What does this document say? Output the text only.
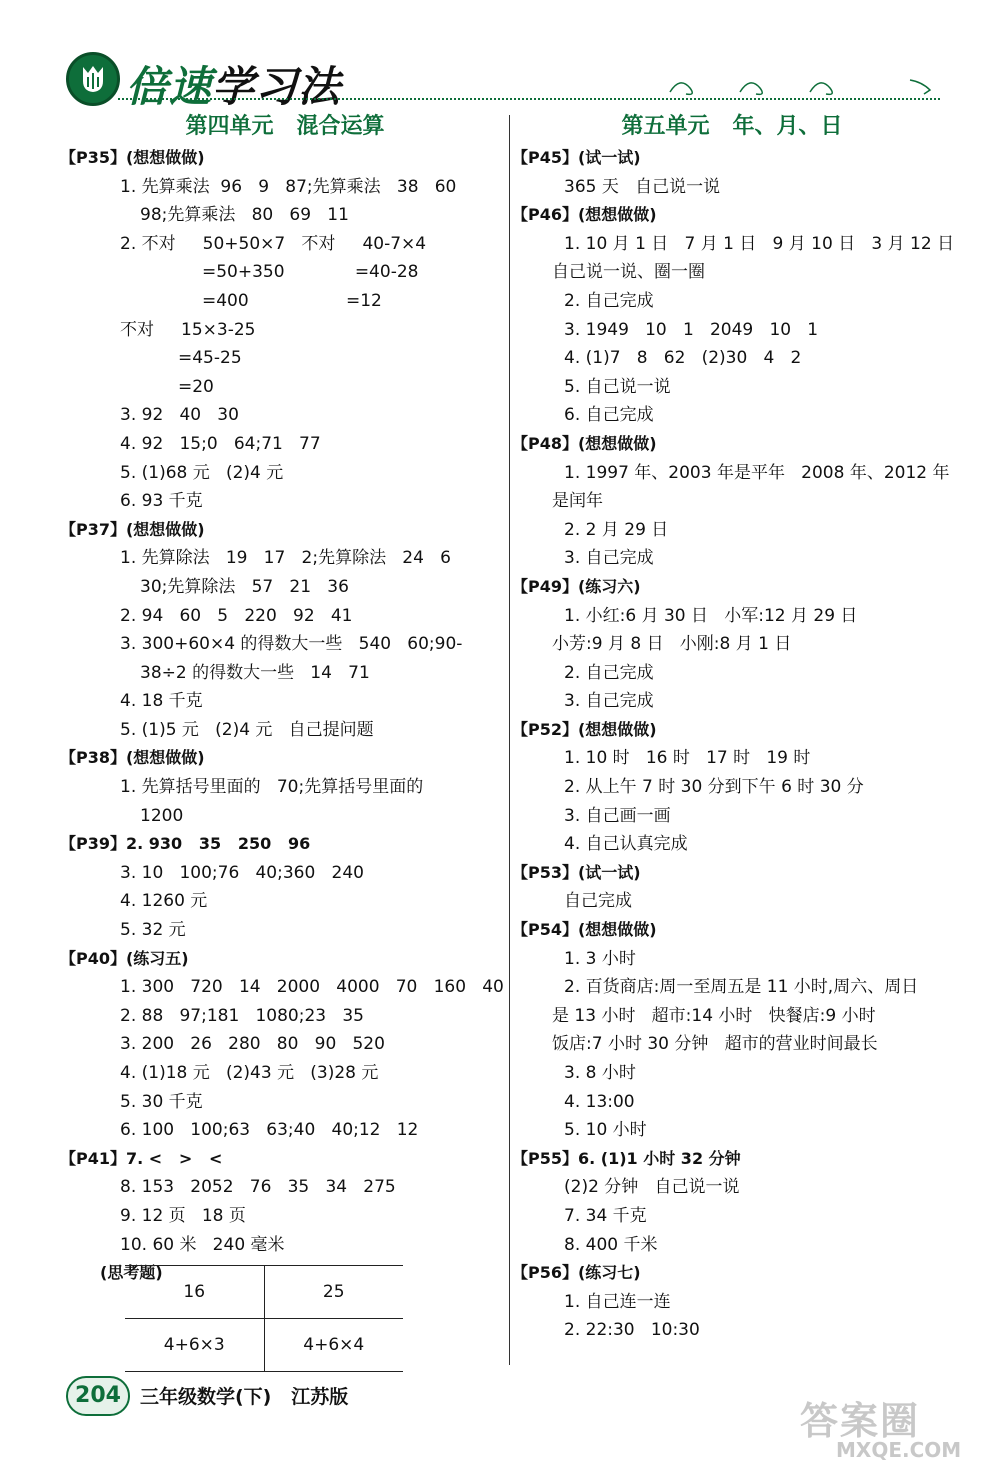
倍速学习法
第四单元   混合运算
【P35】(想想做做)
1. 先算乘法  96   9   87;先算乘法   38   60
98;先算乘法   80   69   11
2. 不对     50+50×7   不对     40-7×4
=50+350             =40-28
=400                  =12
不对     15×3-25
=45-25
=20
3. 92   40   30
4. 92   15;0   64;71   77
5. (1)68 元   (2)4 元
6. 93 千克
【P37】(想想做做)
1. 先算除法   19   17   2;先算除法   24   6
30;先算除法   57   21   36
2. 94   60   5   220   92   41
3. 300+60×4 的得数大一些   540   60;90-
38÷2 的得数大一些   14   71
4. 18 千克
5. (1)5 元   (2)4 元   自己提问题
【P38】(想想做做)
1. 先算括号里面的   70;先算括号里面的
1200
【P39】2. 930   35   250   96
3. 10   100;76   40;360   240
4. 1260 元
5. 32 元
【P40】(练习五)
1. 300   720   14   2000   4000   70   160   40
2. 88   97;181   1080;23   35
3. 200   26   280   80   90   520
4. (1)18 元   (2)43 元   (3)28 元
5. 30 千克
6. 100   100;63   63;40   40;12   12
【P41】7. <   >   <
8. 153   2052   76   35   34   275
9. 12 页   18 页
10. 60 米   240 毫米
(思考题)
16	25
4+6×3	4+6×4
第五单元   年、月、日
【P45】(试一试)
365 天   自己说一说
【P46】(想想做做)
1. 10 月 1 日   7 月 1 日   9 月 10 日   3 月 12 日
自己说一说、圈一圈
2. 自己完成
3. 1949   10   1   2049   10   1
4. (1)7   8   62   (2)30   4   2
5. 自己说一说
6. 自己完成
【P48】(想想做做)
1. 1997 年、2003 年是平年   2008 年、2012 年
是闰年
2. 2 月 29 日
3. 自己完成
【P49】(练习六)
1. 小红:6 月 30 日   小军:12 月 29 日
小芳:9 月 8 日   小刚:8 月 1 日
2. 自己完成
3. 自己完成
【P52】(想想做做)
1. 10 时   16 时   17 时   19 时
2. 从上午 7 时 30 分到下午 6 时 30 分
3. 自己画一画
4. 自己认真完成
【P53】(试一试)
自己完成
【P54】(想想做做)
1. 3 小时
2. 百货商店:周一至周五是 11 小时,周六、周日
是 13 小时   超市:14 小时   快餐店:9 小时
饭店:7 小时 30 分钟   超市的营业时间最长
3. 8 小时
4. 13:00
5. 10 小时
【P55】6. (1)1 小时 32 分钟
(2)2 分钟   自己说一说
7. 34 千克
8. 400 千米
【P56】(练习七)
1. 自己连一连
2. 22:30   10:30
204	三年级数学(下)   江苏版
答案圈
MXQE.COM
